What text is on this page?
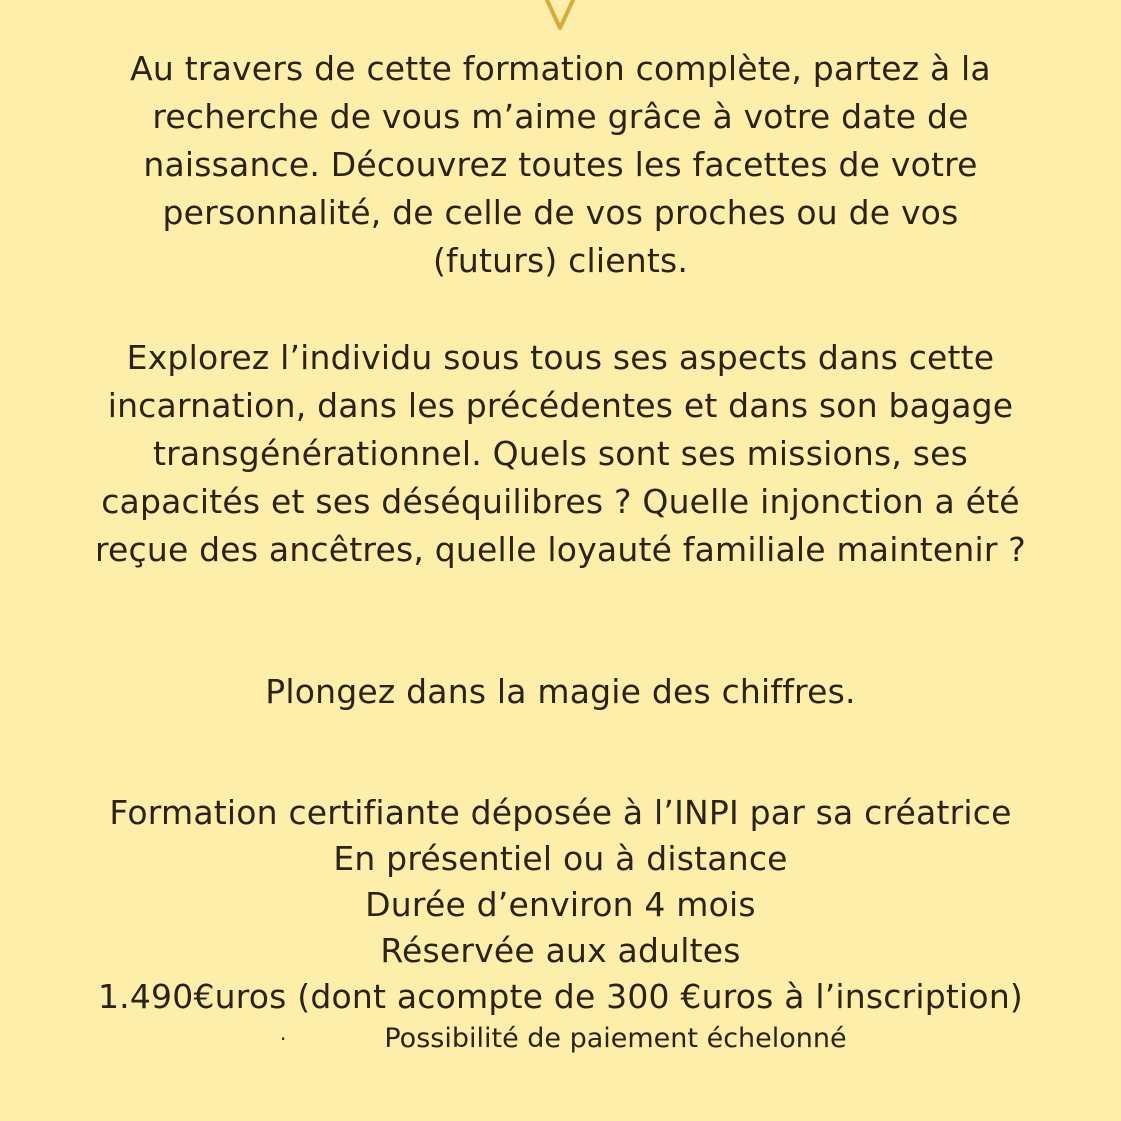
Au travers de cette formation complète, partez à la
recherche de vous m’aime grâce à votre date de
naissance. Découvrez toutes les facettes de votre
personnalité, de celle de vos proches ou de vos
(futurs) clients.
Explorez l’individu sous tous ses aspects dans cette
incarnation, dans les précédentes et dans son bagage
transgénérationnel. Quels sont ses missions, ses
capacités et ses déséquilibres ? Quelle injonction a été
reçue des ancêtres, quelle loyauté familiale maintenir ?
Plongez dans la magie des chiffres.
Formation certifiante déposée à l’INPI par sa créatrice
En présentiel ou à distance
Durée d’environ 4 mois
Réservée aux adultes
1.490€uros (dont acompte de 300 €uros à l’inscription)
·	Possibilité de paiement échelonné
